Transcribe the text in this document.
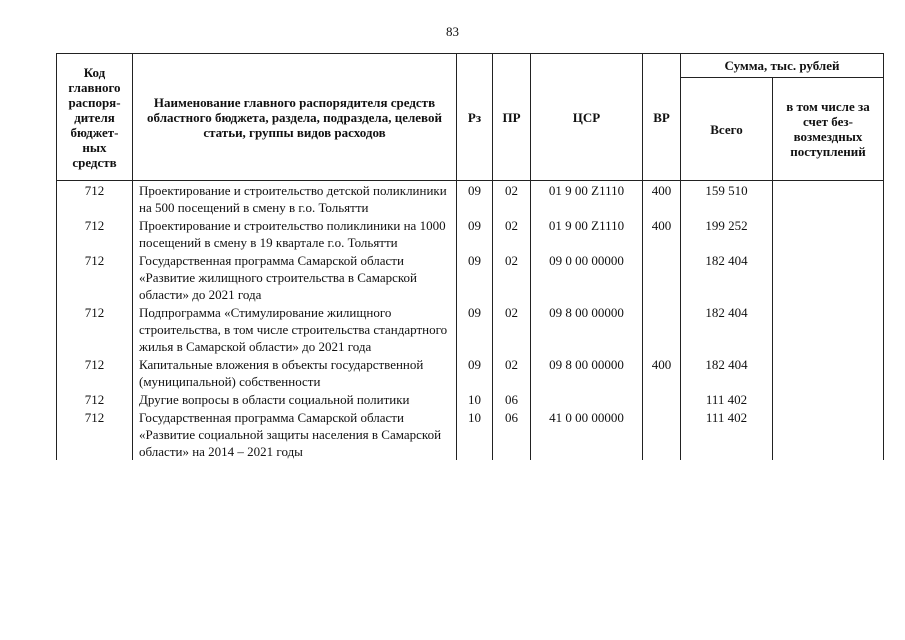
83
Код главного распоря-дителя бюджет-ных средств	Наименование главного распорядителя средств областного бюджета, раздела, подраздела, целевой статьи, группы видов расходов	Рз	ПР	ЦСР	ВР	Сумма, тыс. рублей	
						Всего	в том числе за счет без-возмездных поступлений
712	Проектирование и строительство детской поликлиники на 500 посещений в смену в г.о. Тольятти	09	02	01 9 00 Z1110	400	159 510	
712	Проектирование и строительство поликлиники на 1000 посещений в смену в 19 квартале г.о. Тольятти	09	02	01 9 00 Z1110	400	199 252	
712	Государственная программа Самарской области «Развитие жилищного строительства в Самарской области» до 2021 года	09	02	09 0 00 00000		182 404	
712	Подпрограмма «Стимулирование жилищного строительства, в том числе строительства стандартного жилья в Самарской области» до 2021 года	09	02	09 8 00 00000		182 404	
712	Капитальные вложения в объекты государственной (муниципальной) собственности	09	02	09 8 00 00000	400	182 404	
712	Другие вопросы в области социальной политики	10	06			111 402	
712	Государственная программа Самарской области «Развитие социальной защиты населения в Самарской области» на 2014 – 2021 годы	10	06	41 0 00 00000		111 402	
